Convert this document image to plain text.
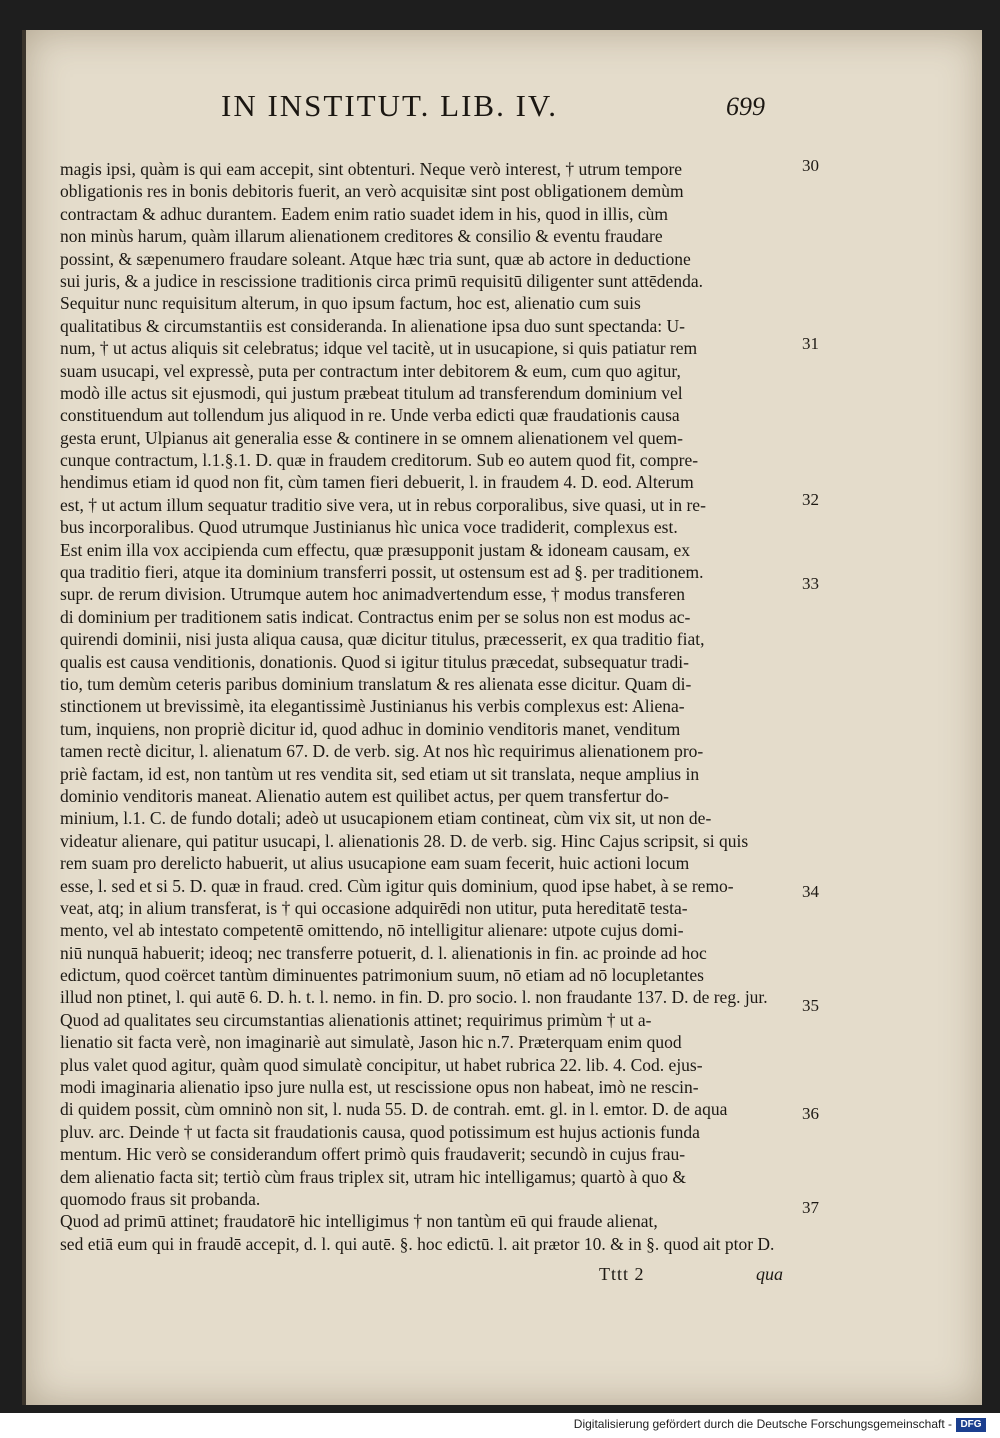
IN INSTITUT. LIB. IV.	699
magis ipsi, quàm is qui eam accepit, sint obtenturi. Neque verò interest, † utrum tempore
obligationis res in bonis debitoris fuerit, an verò acquisitæ sint post obligationem demùm
contractam & adhuc durantem. Eadem enim ratio suadet idem in his, quod in illis, cùm
non minùs harum, quàm illarum alienationem creditores & consilio & eventu fraudare
possint, & sæpenumero fraudare soleant. Atque hæc tria sunt, quæ ab actore in deductione
sui juris, & a judice in rescissione traditionis circa primū requisitū diligenter sunt attēdenda.
Sequitur nunc requisitum alterum, in quo ipsum factum, hoc est, alienatio cum suis
qualitatibus & circumstantiis est consideranda. In alienatione ipsa duo sunt spectanda: U-
num, † ut actus aliquis sit celebratus; idque vel tacitè, ut in usucapione, si quis patiatur rem
suam usucapi, vel expressè, puta per contractum inter debitorem & eum, cum quo agitur,
modò ille actus sit ejusmodi, qui justum præbeat titulum ad transferendum dominium vel
constituendum aut tollendum jus aliquod in re. Unde verba edicti quæ fraudationis causa
gesta erunt, Ulpianus ait generalia esse & continere in se omnem alienationem vel quem-
cunque contractum, l.1.§.1. D. quæ in fraudem creditorum. Sub eo autem quod fit, compre-
hendimus etiam id quod non fit, cùm tamen fieri debuerit, l. in fraudem 4. D. eod. Alterum
est, † ut actum illum sequatur traditio sive vera, ut in rebus corporalibus, sive quasi, ut in re-
bus incorporalibus. Quod utrumque Justinianus hìc unica voce tradiderit, complexus est.
Est enim illa vox accipienda cum effectu, quæ præsupponit justam & idoneam causam, ex
qua traditio fieri, atque ita dominium transferri possit, ut ostensum est ad §. per traditionem.
supr. de rerum division. Utrumque autem hoc animadvertendum esse, † modus transferen
di dominium per traditionem satis indicat. Contractus enim per se solus non est modus ac-
quirendi dominii, nisi justa aliqua causa, quæ dicitur titulus, præcesserit, ex qua traditio fiat,
qualis est causa venditionis, donationis. Quod si igitur titulus præcedat, subsequatur tradi-
tio, tum demùm ceteris paribus dominium translatum & res alienata esse dicitur. Quam di-
stinctionem ut brevissimè, ita elegantissimè Justinianus his verbis complexus est: Aliena-
tum, inquiens, non propriè dicitur id, quod adhuc in dominio venditoris manet, venditum
tamen rectè dicitur, l. alienatum 67. D. de verb. sig. At nos hìc requirimus alienationem pro-
priè factam, id est, non tantùm ut res vendita sit, sed etiam ut sit translata, neque amplius in
dominio venditoris maneat. Alienatio autem est quilibet actus, per quem transfertur do-
minium, l.1. C. de fundo dotali; adeò ut usucapionem etiam contineat, cùm vix sit, ut non de-
videatur alienare, qui patitur usucapi, l. alienationis 28. D. de verb. sig. Hinc Cajus scripsit, si quis
rem suam pro derelicto habuerit, ut alius usucapione eam suam fecerit, huic actioni locum
esse, l. sed et si 5. D. quæ in fraud. cred. Cùm igitur quis dominium, quod ipse habet, à se remo-
veat, atq; in alium transferat, is † qui occasione adquirēdi non utitur, puta hereditatē testa-
mento, vel ab intestato competentē omittendo, nō intelligitur alienare: utpote cujus domi-
niū nunquā habuerit; ideoq; nec transferre potuerit, d. l. alienationis in fin. ac proinde ad hoc
edictum, quod coërcet tantùm diminuentes patrimonium suum, nō etiam ad nō locupletantes
illud non ptinet, l. qui autē 6. D. h. t. l. nemo. in fin. D. pro socio. l. non fraudante 137. D. de reg. jur.
Quod ad qualitates seu circumstantias alienationis attinet; requirimus primùm † ut a-
lienatio sit facta verè, non imaginariè aut simulatè, Jason hic n.7. Præterquam enim quod
plus valet quod agitur, quàm quod simulatè concipitur, ut habet rubrica 22. lib. 4. Cod. ejus-
modi imaginaria alienatio ipso jure nulla est, ut rescissione opus non habeat, imò ne rescin-
di quidem possit, cùm omninò non sit, l. nuda 55. D. de contrah. emt. gl. in l. emtor. D. de aqua
pluv. arc. Deinde † ut facta sit fraudationis causa, quod potissimum est hujus actionis funda
mentum. Hic verò se considerandum offert primò quis fraudaverit; secundò in cujus frau-
dem alienatio facta sit; tertiò cùm fraus triplex sit, utram hic intelligamus; quartò à quo &
quomodo fraus sit probanda.
Quod ad primū attinet; fraudatorē hic intelligimus † non tantùm eū qui fraude alienat,
sed etiā eum qui in fraudē accepit, d. l. qui autē. §. hoc edictū. l. ait prætor 10. & in §. quod ait ptor D.
30
31
32
33
34
35
36
37
Tttt 2	qua
Digitalisierung gefördert durch die Deutsche Forschungsgemeinschaft - DFG
